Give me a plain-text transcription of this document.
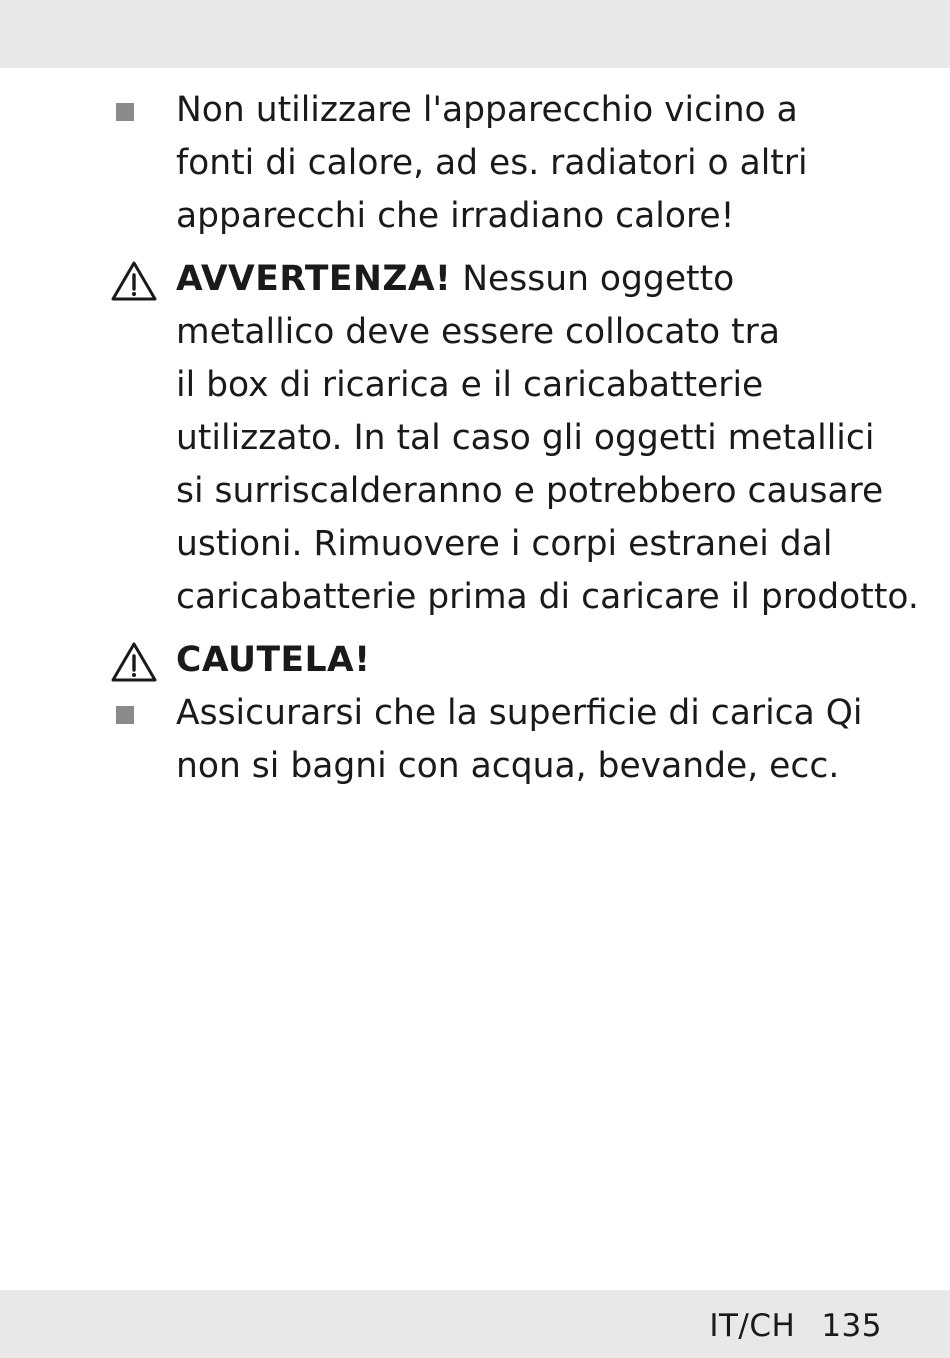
Non utilizzare l'apparecchio vicino a
fonti di calore, ad es. radiatori o altri
apparecchi che irradiano calore!
AVVERTENZA! Nessun oggetto
metallico deve essere collocato tra
il box di ricarica e il caricabatterie
utilizzato. In tal caso gli oggetti metallici
si surriscalderanno e potrebbero causare
ustioni. Rimuovere i corpi estranei dal
caricabatterie prima di caricare il prodotto.
CAUTELA!
Assicurarsi che la superficie di carica Qi
non si bagni con acqua, bevande, ecc.
IT/CH 135
